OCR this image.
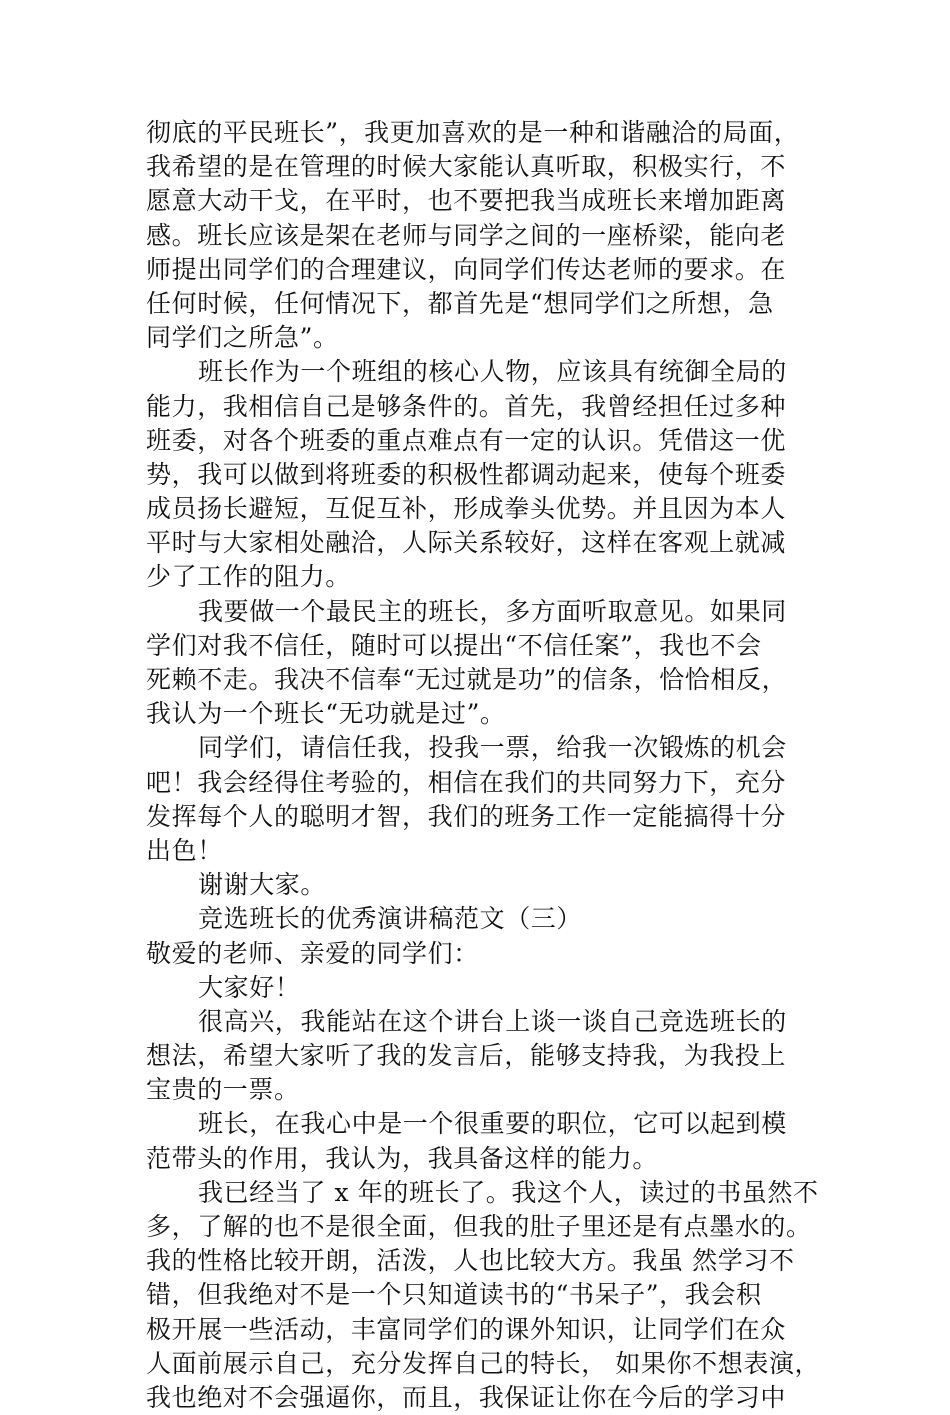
彻底的平民班长”，我更加喜欢的是一种和谐融洽的局面，
我希望的是在管理的时候大家能认真听取，积极实行，不
愿意大动干戈，在平时，也不要把我当成班长来增加距离
感。班长应该是架在老师与同学之间的一座桥梁，能向老
师提出同学们的合理建议，向同学们传达老师的要求。在
任何时候，任何情况下，都首先是“想同学们之所想，急
同学们之所急”。
班长作为一个班组的核心人物，应该具有统御全局的
能力，我相信自己是够条件的。首先，我曾经担任过多种
班委，对各个班委的重点难点有一定的认识。凭借这一优
势，我可以做到将班委的积极性都调动起来，使每个班委
成员扬长避短，互促互补，形成拳头优势。并且因为本人
平时与大家相处融洽，人际关系较好，这样在客观上就减
少了工作的阻力。
我要做一个最民主的班长，多方面听取意见。如果同
学们对我不信任，随时可以提出“不信任案”，我也不会
死赖不走。我决不信奉“无过就是功”的信条，恰恰相反，
我认为一个班长“无功就是过”。
同学们，请信任我，投我一票，给我一次锻炼的机会
吧！我会经得住考验的，相信在我们的共同努力下，充分
发挥每个人的聪明才智，我们的班务工作一定能搞得十分
出色！
谢谢大家。
竞选班长的优秀演讲稿范文（三）
敬爱的老师、亲爱的同学们：
大家好！
很高兴，我能站在这个讲台上谈一谈自己竞选班长的
想法，希望大家听了我的发言后，能够支持我，为我投上
宝贵的一票。
班长，在我心中是一个很重要的职位，它可以起到模
范带头的作用，我认为，我具备这样的能力。
我已经当了 x 年的班长了。我这个人，读过的书虽然不
多，了解的也不是很全面，但我的肚子里还是有点墨水的。
我的性格比较开朗，活泼，人也比较大方。我虽 然学习不
错，但我绝对不是一个只知道读书的“书呆子”，我会积
极开展一些活动，丰富同学们的课外知识，让同学们在众
人面前展示自己，充分发挥自己的特长， 如果你不想表演，
我也绝对不会强逼你，而且，我保证让你在今后的学习中
